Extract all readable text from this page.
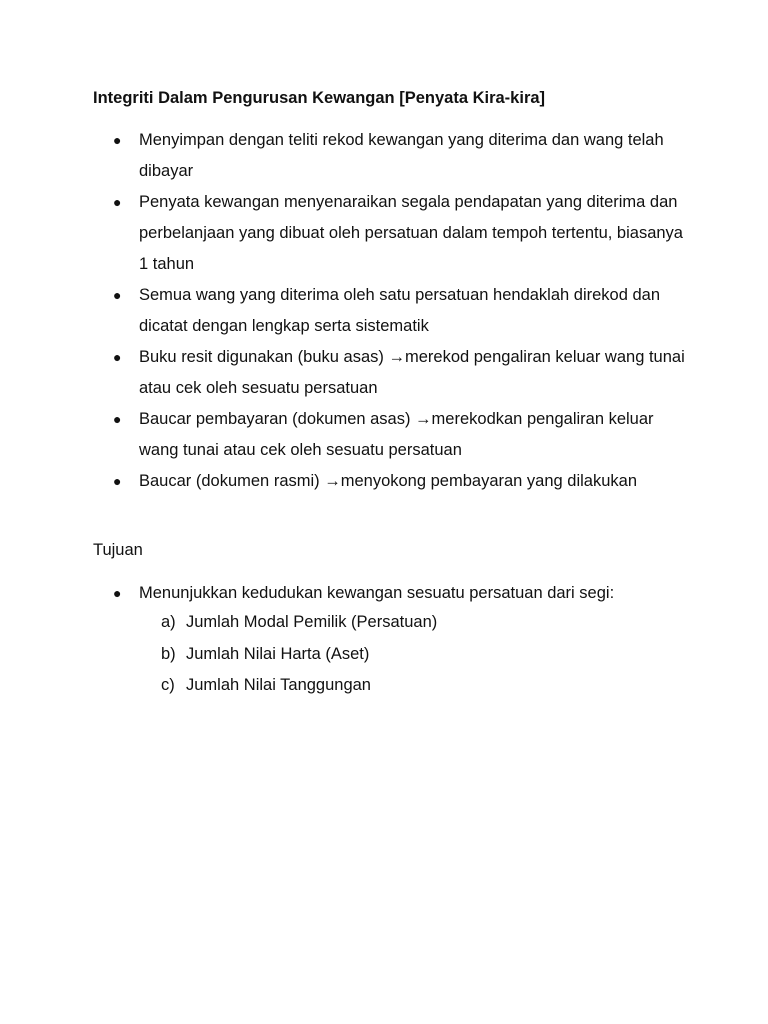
Integriti Dalam Pengurusan Kewangan [Penyata Kira-kira]
● Menyimpan dengan teliti rekod kewangan yang diterima dan wang telah dibayar
● Penyata kewangan menyenaraikan segala pendapatan yang diterima dan perbelanjaan yang dibuat oleh persatuan dalam tempoh tertentu, biasanya 1 tahun
● Semua wang yang diterima oleh satu persatuan hendaklah direkod dan dicatat dengan lengkap serta sistematik
● Buku resit digunakan (buku asas) →merekod pengaliran keluar wang tunai atau cek oleh sesuatu persatuan
● Baucar pembayaran (dokumen asas) →merekodkan pengaliran keluar wang tunai atau cek oleh sesuatu persatuan
● Baucar (dokumen rasmi) →menyokong pembayaran yang dilakukan
Tujuan
● Menunjukkan kedudukan kewangan sesuatu persatuan dari segi:
a) Jumlah Modal Pemilik (Persatuan)
b) Jumlah Nilai Harta (Aset)
c) Jumlah Nilai Tanggungan
